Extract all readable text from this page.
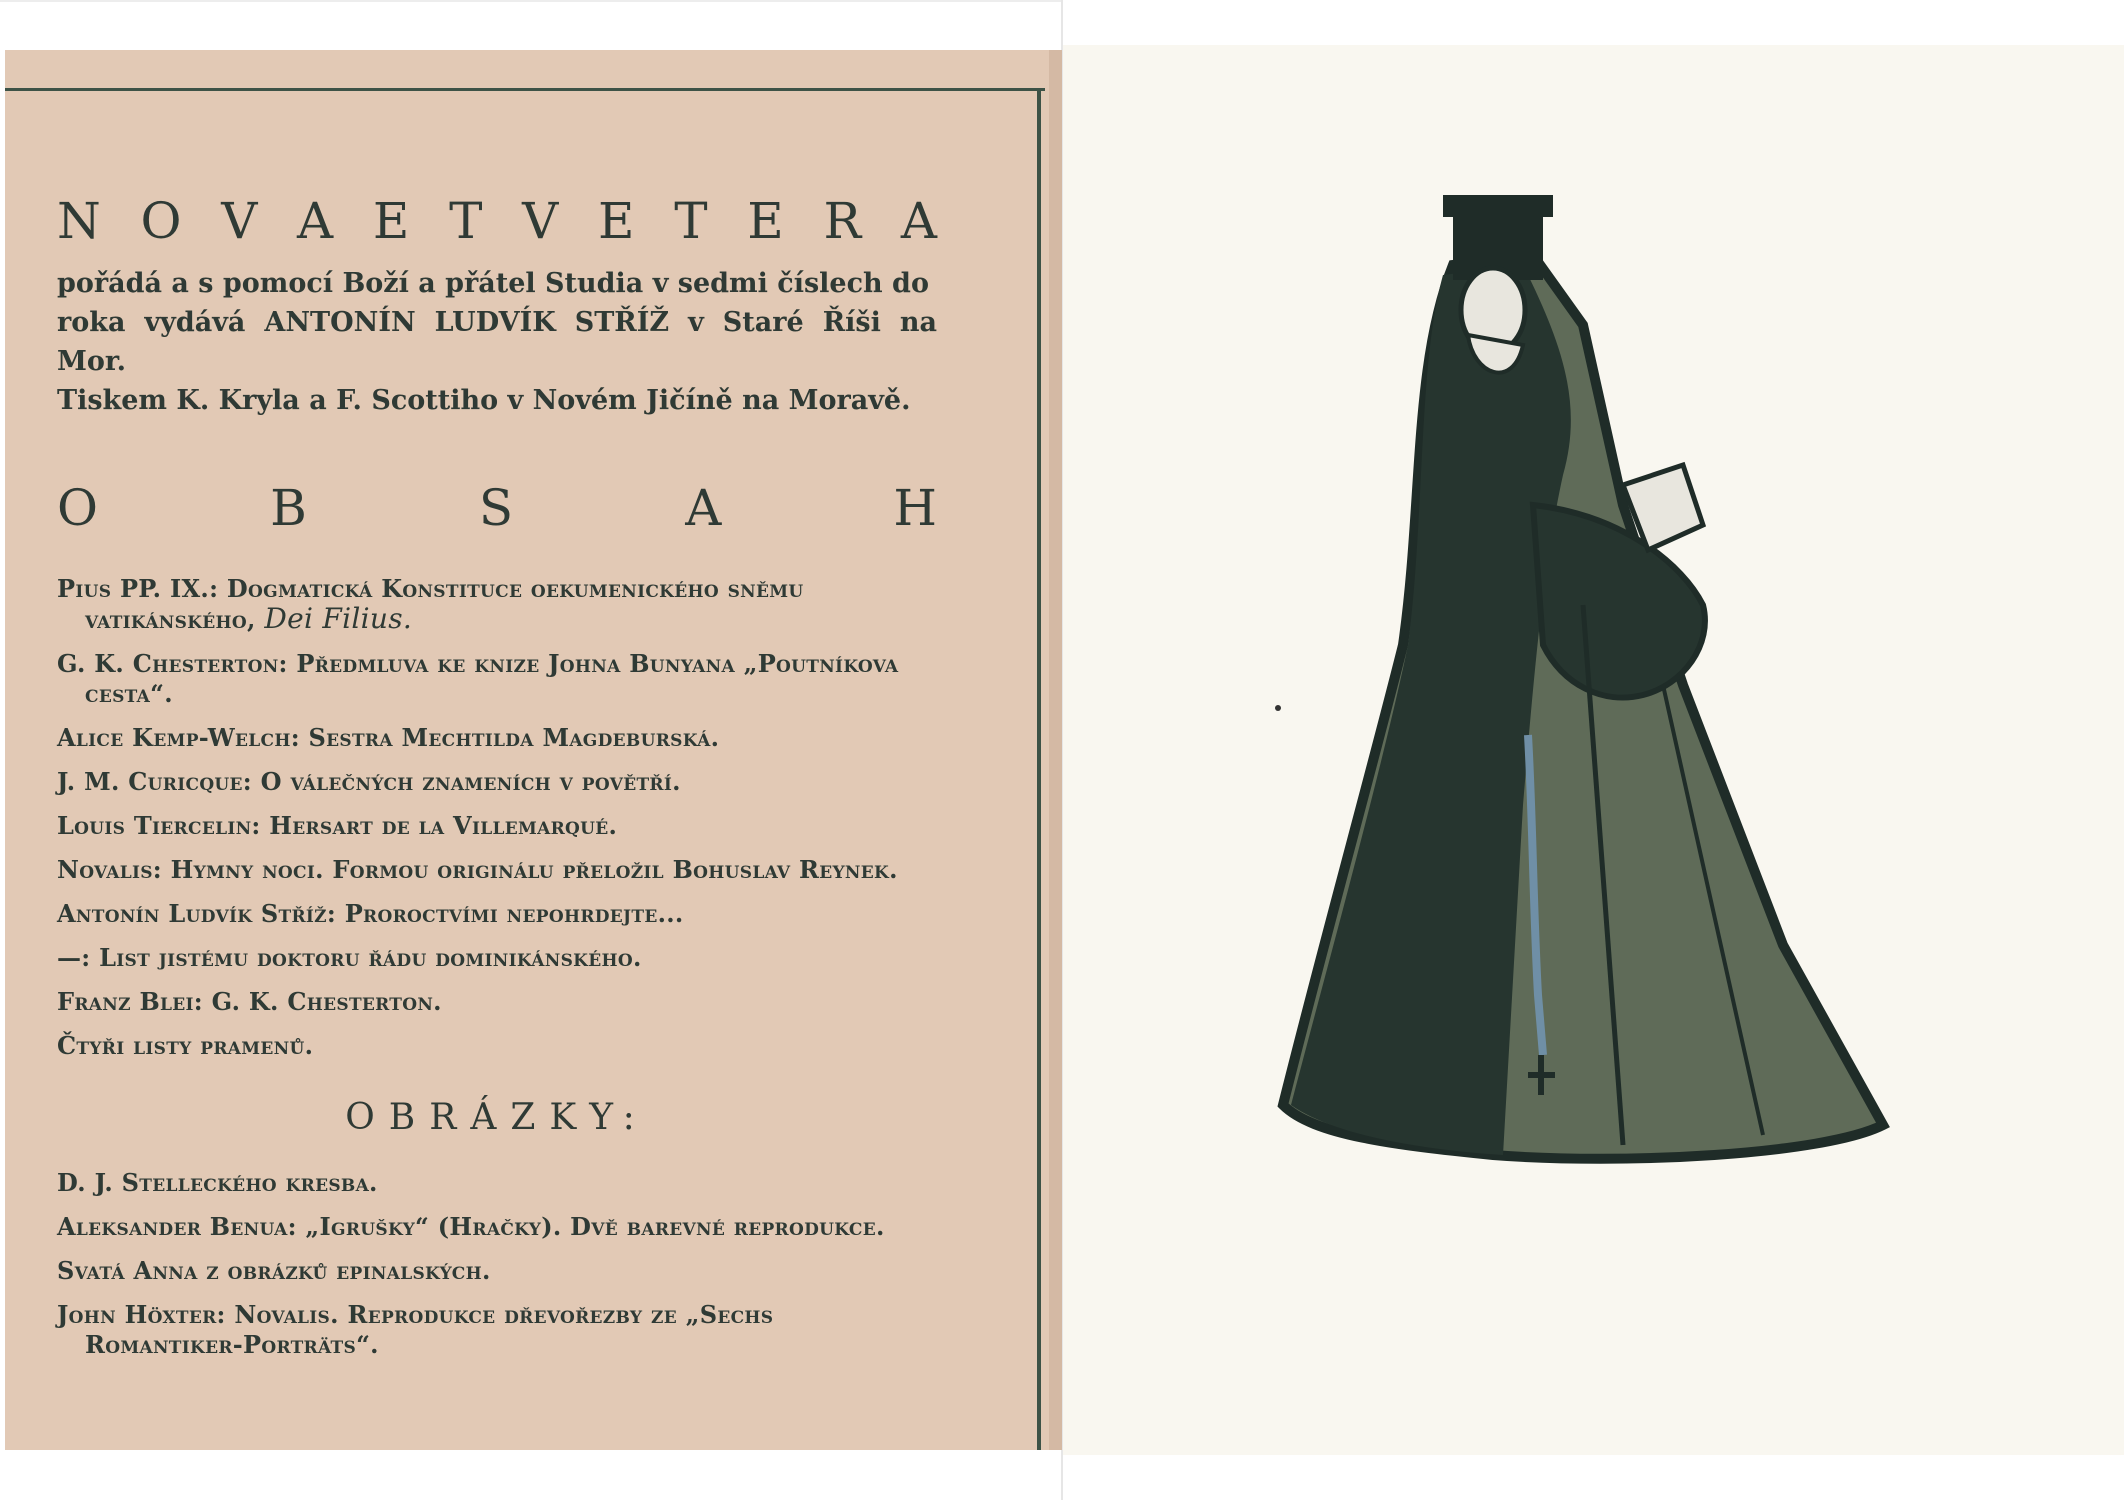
N O V A E T V E T E R A
pořádá a s pomocí Boží a přátel Studia v sedmi číslech do
roka vydává ANTONÍN LUDVÍK STŘÍŽ v Staré Říši na Mor.
Tiskem K. Kryla a F. Scottiho v Novém Jičíně na Moravě.
O	B	S	A	H
Pius PP. IX.: Dogmatická Konstituce oekumenického sněmu vatikánského, Dei Filius.
G. K. Chesterton: Předmluva ke knize Johna Bunyana „Poutníkova cesta“.
Alice Kemp-Welch: Sestra Mechtilda Magdeburská.
J. M. Curicque: O válečných znameních v povětří.
Louis Tiercelin: Hersart de la Villemarqué.
Novalis: Hymny noci. Formou originálu přeložil Bohuslav Reynek.
Antonín Ludvík Stříž: Proroctvími nepohrdejte...
—: List jistému doktoru řádu dominikánského.
Franz Blei: G. K. Chesterton.
Čtyři listy pramenů.
OBRÁZKY:
D. J. Stelleckého kresba.
Aleksander Benua: „Igrušky“ (Hračky). Dvě barevné reprodukce.
Svatá Anna z obrázků epinalských.
John Höxter: Novalis. Reprodukce dřevořezby ze „Sechs Romantiker-Porträts“.
